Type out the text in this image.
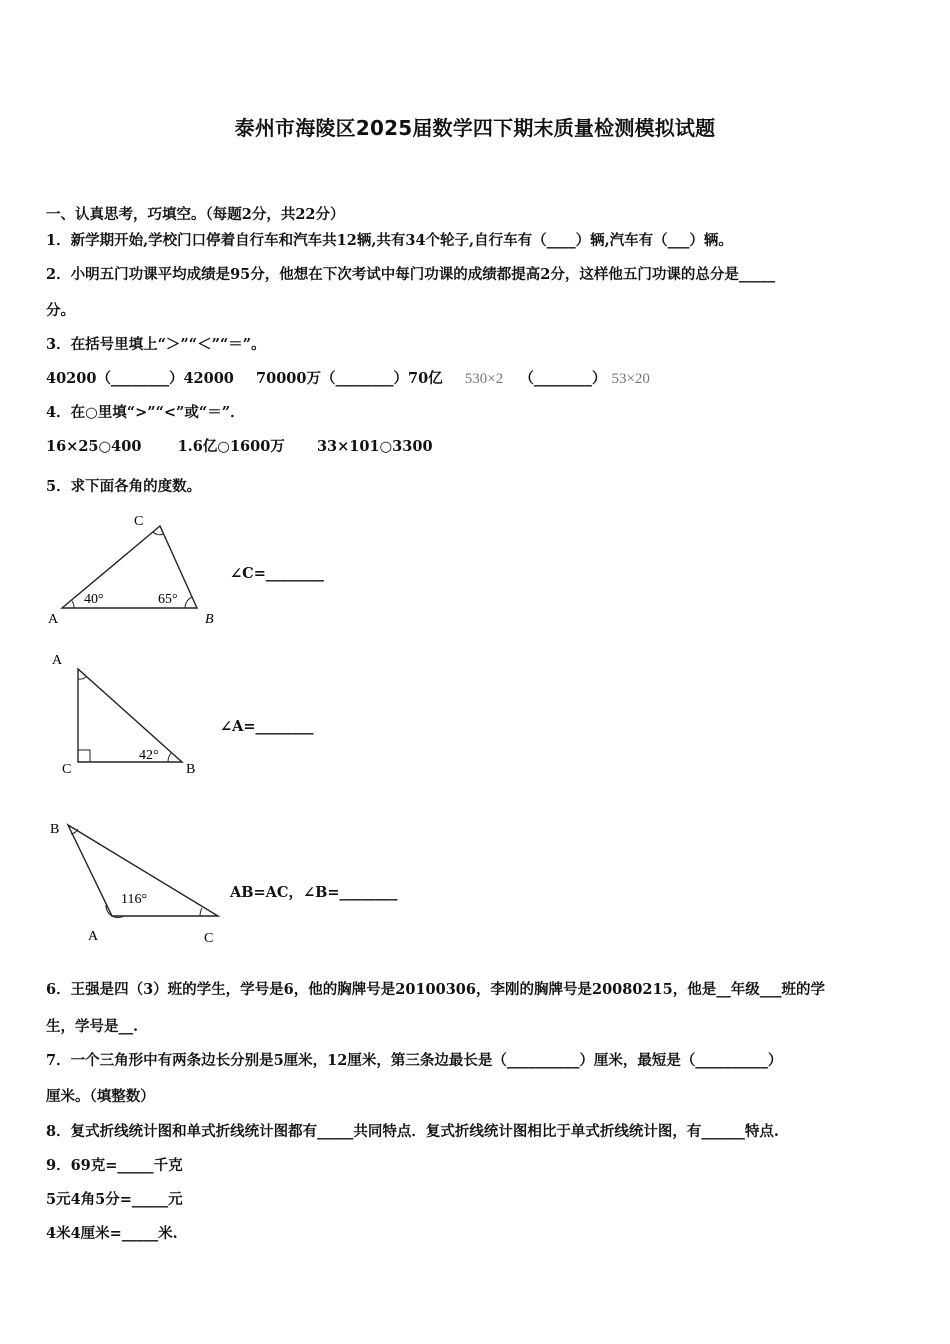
泰州市海陵区2025届数学四下期末质量检测模拟试题
一、认真思考，巧填空。（每题2分，共22分）
1．新学期开始,学校门口停着自行车和汽车共12辆,共有34个轮子,自行车有（____）辆,汽车有（___）辆。
2．小明五门功课平均成绩是95分，他想在下次考试中每门功课的成绩都提高2分，这样他五门功课的总分是_____
分。
3．在括号里填上“＞”“＜”“＝”。
40200（________）42000 70000万（________）70亿 530×2 （________） 53×20
4．在○里填“>”“<”或“＝”．
16×25○400 1.6亿○1600万 33×101○3300
5．求下面各角的度数。
A	B
C
40°	65°
∠C=________
A
B
C
42°
∠A=________
B
A	C
116°	AB=AC，∠B=________
6．王强是四（3）班的学生，学号是6，他的胸牌号是20100306，李刚的胸牌号是20080215，他是__年级___班的学
生，学号是__.
7．一个三角形中有两条边长分别是5厘米，12厘米，第三条边最长是（__________）厘米，最短是（__________）
厘米。（填整数）
8．复式折线统计图和单式折线统计图都有_____共同特点．复式折线统计图相比于单式折线统计图，有______特点.
9．69克=_____千克
5元4角5分=_____元
4米4厘米=_____米.
